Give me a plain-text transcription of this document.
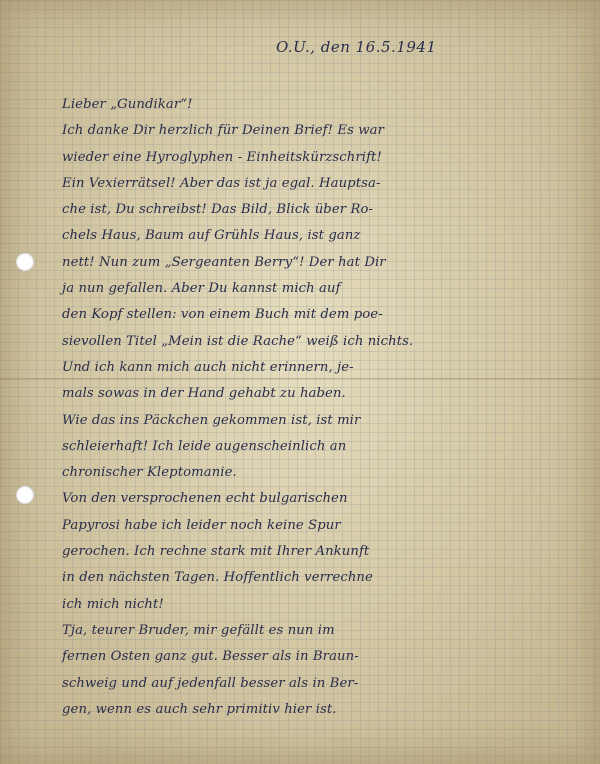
O.U., den 16.5.1941
Lieber „Gundikar“!
Ich danke Dir herzlich für Deinen Brief! Es war
wieder eine Hyroglyphen - Einheitskürzschrift!
Ein Vexierrätsel! Aber das ist ja egal. Hauptsa-
che ist, Du schreibst! Das Bild, Blick über Ro-
chels Haus, Baum auf Grühls Haus, ist ganz
nett! Nun zum „Sergeanten Berry“! Der hat Dir
ja nun gefallen. Aber Du kannst mich auf
den Kopf stellen: von einem Buch mit dem poe-
sievollen Titel „Mein ist die Rache“ weiß ich nichts.
Und ich kann mich auch nicht erinnern, je-
mals sowas in der Hand gehabt zu haben.
Wie das ins Päckchen gekommen ist, ist mir
schleierhaft! Ich leide augenscheinlich an
chronischer Kleptomanie.
Von den versprochenen echt bulgarischen
Papyrosi habe ich leider noch keine Spur
gerochen. Ich rechne stark mit Ihrer Ankunft
in den nächsten Tagen. Hoffentlich verrechne
ich mich nicht!
Tja, teurer Bruder, mir gefällt es nun im
fernen Osten ganz gut. Besser als in Braun-
schweig und auf jedenfall besser als in Ber-
gen, wenn es auch sehr primitiv hier ist.
